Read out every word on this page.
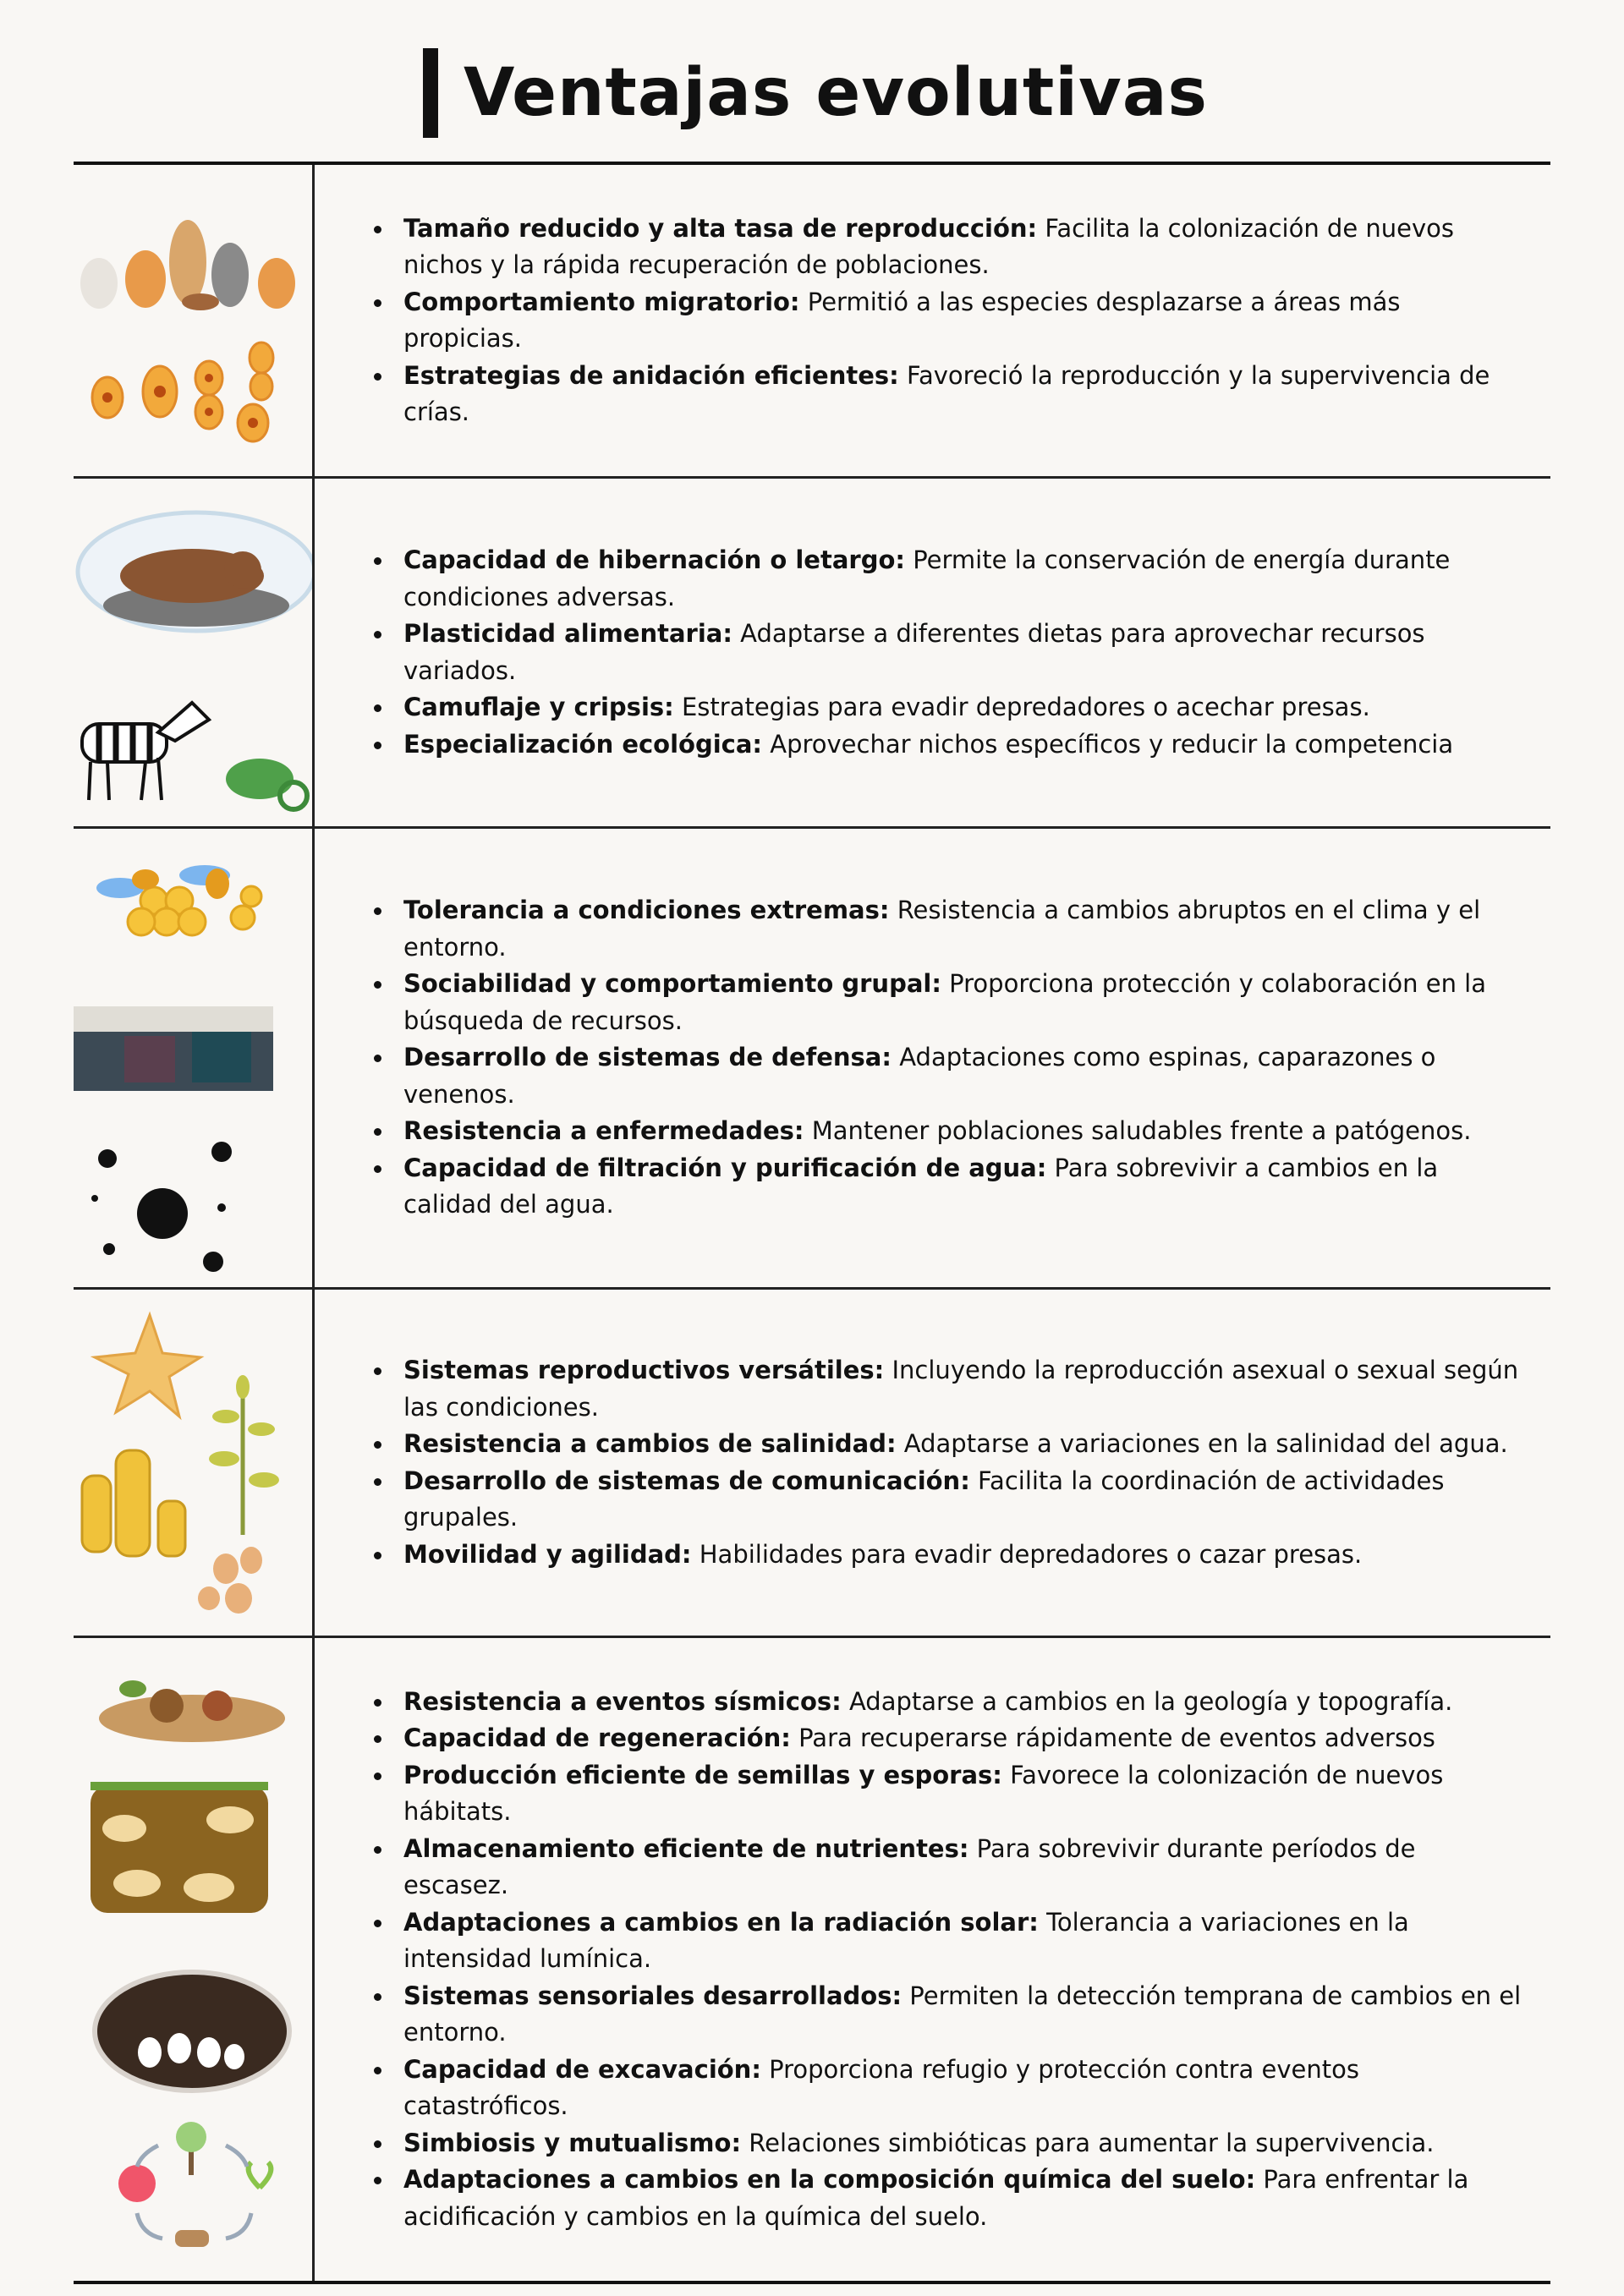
Ventajas evolutivas
Tamaño reducido y alta tasa de reproducción: Facilita la colonización de nuevos nichos y la rápida recuperación de poblaciones.
Comportamiento migratorio: Permitió a las especies desplazarse a áreas más propicias.
Estrategias de anidación eficientes: Favoreció la reproducción y la supervivencia de crías.
Capacidad de hibernación o letargo: Permite la conservación de energía durante condiciones adversas.
Plasticidad alimentaria: Adaptarse a diferentes dietas para aprovechar recursos variados.
Camuflaje y cripsis: Estrategias para evadir depredadores o acechar presas.
Especialización ecológica: Aprovechar nichos específicos y reducir la competencia
Tolerancia a condiciones extremas: Resistencia a cambios abruptos en el clima y el entorno.
Sociabilidad y comportamiento grupal: Proporciona protección y colaboración en la búsqueda de recursos.
Desarrollo de sistemas de defensa: Adaptaciones como espinas, caparazones o venenos.
Resistencia a enfermedades: Mantener poblaciones saludables frente a patógenos.
Capacidad de filtración y purificación de agua: Para sobrevivir a cambios en la calidad del agua.
Sistemas reproductivos versátiles: Incluyendo la reproducción asexual o sexual según las condiciones.
Resistencia a cambios de salinidad: Adaptarse a variaciones en la salinidad del agua.
Desarrollo de sistemas de comunicación: Facilita la coordinación de actividades grupales.
Movilidad y agilidad: Habilidades para evadir depredadores o cazar presas.
Resistencia a eventos sísmicos: Adaptarse a cambios en la geología y topografía.
Capacidad de regeneración: Para recuperarse rápidamente de eventos adversos
Producción eficiente de semillas y esporas: Favorece la colonización de nuevos hábitats.
Almacenamiento eficiente de nutrientes: Para sobrevivir durante períodos de escasez.
Adaptaciones a cambios en la radiación solar: Tolerancia a variaciones en la intensidad lumínica.
Sistemas sensoriales desarrollados: Permiten la detección temprana de cambios en el entorno.
Capacidad de excavación: Proporciona refugio y protección contra eventos catastróficos.
Simbiosis y mutualismo: Relaciones simbióticas para aumentar la supervivencia.
Adaptaciones a cambios en la composición química del suelo: Para enfrentar la acidificación y cambios en la química del suelo.
